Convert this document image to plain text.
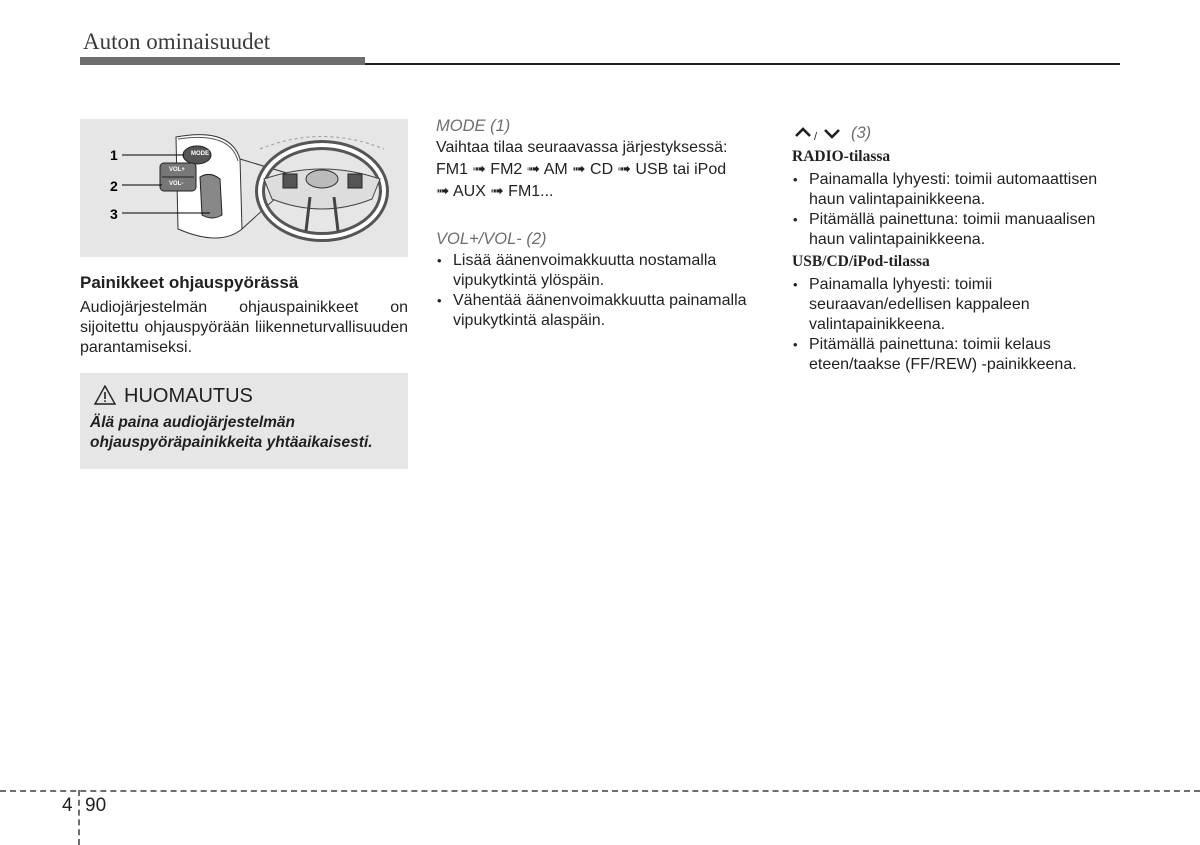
Auton ominaisuudet
1
2
3
MODE
VOL+
VOL-
Painikkeet ohjauspyörässä
Audiojärjestelmän ohjauspainikkeet on sijoitettu ohjauspyörään liikenneturvallisuuden parantamiseksi.
HUOMAUTUS
Älä paina audiojärjestelmän ohjauspyöräpainikkeita yhtäaikaisesti.
MODE (1)
Vaihtaa tilaa seuraavassa järjestyksessä:
FM1 ➟ FM2 ➟ AM ➟ CD ➟ USB tai iPod
➟ AUX ➟ FM1...
VOL+/VOL- (2)
• Lisää äänenvoimakkuutta nostamalla vipukytkintä ylöspäin.
• Vähentää äänenvoimakkuutta painamalla vipukytkintä alaspäin.
/ (3)
RADIO-tilassa
• Painamalla lyhyesti: toimii automaattisen haun valintapainikkeena.
• Pitämällä painettuna: toimii manuaalisen haun valintapainikkeena.
USB/CD/iPod-tilassa
• Painamalla lyhyesti: toimii seuraavan/edellisen kappaleen valintapainikkeena.
• Pitämällä painettuna: toimii kelaus eteen/taakse (FF/REW) -painikkeena.
4 90
